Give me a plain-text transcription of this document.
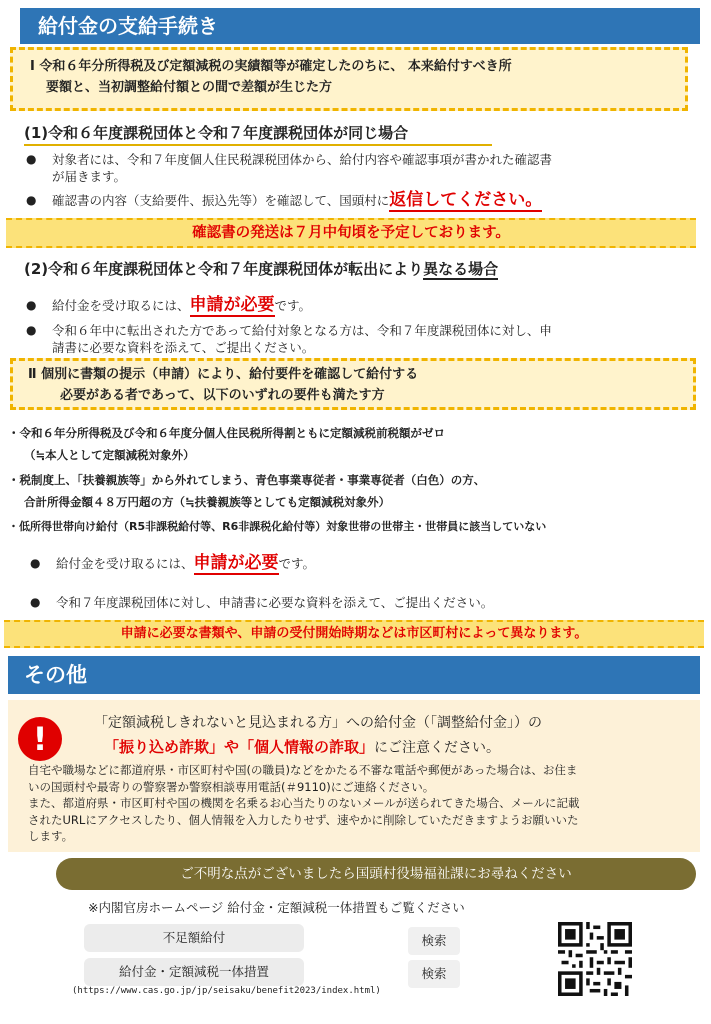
給付金の支給手続き
Ⅰ 令和６年分所得税及び定額減税の実績額等が確定したのちに、 本来給付すべき所
要額と、当初調整給付額との間で差額が生じた方
(1)令和６年度課税団体と令和７年度課税団体が同じ場合
●	対象者には、令和７年度個人住民税課税団体から、給付内容や確認事項が書かれた確認書
が届きます。
●	確認書の内容（支給要件、振込先等）を確認して、国頭村に返信してください。
確認書の発送は７月中旬頃を予定しております。
(2)令和６年度課税団体と令和７年度課税団体が転出により異なる場合
●	給付金を受け取るには、申請が必要です。
●	令和６年中に転出された方であって給付対象となる方は、令和７年度課税団体に対し、申
請書に必要な資料を添えて、ご提出ください。
Ⅱ 個別に書類の提示（申請）により、給付要件を確認して給付する
必要がある者であって、以下のいずれの要件も満たす方
・令和６年分所得税及び令和６年度分個人住民税所得割ともに定額減税前税額がゼロ
（≒本人として定額減税対象外）
・税制度上、「扶養親族等」から外れてしまう、青色事業専従者・事業専従者（白色）の方、
合計所得金額４８万円超の方（≒扶養親族等としても定額減税対象外）
・低所得世帯向け給付（R5非課税給付等、R6非課税化給付等）対象世帯の世帯主・世帯員に該当していない
●	給付金を受け取るには、申請が必要です。
●	令和７年度課税団体に対し、申請書に必要な資料を添えて、ご提出ください。
申請に必要な書類や、申請の受付開始時期などは市区町村によって異なります。
その他
!	「定額減税しきれないと見込まれる方」への給付金（「調整給付金」）の
「振り込め詐欺」や「個人情報の詐取」にご注意ください。
自宅や職場などに都道府県・市区町村や国(の職員)などをかたる不審な電話や郵便があった場合は、お住ま
いの国頭村や最寄りの警察署か警察相談専用電話(＃9110)にご連絡ください。
また、都道府県・市区町村や国の機関を名乗るお心当たりのないメールが送られてきた場合、メールに記載
されたURLにアクセスしたり、個人情報を入力したりせず、速やかに削除していただきますようお願いいた
します。
ご不明な点がございましたら国頭村役場福祉課にお尋ねください
※内閣官房ホームページ 給付金・定額減税一体措置もご覧ください
不足額給付	検索
給付金・定額減税一体措置	検索
(https://www.cas.go.jp/jp/seisaku/benefit2023/index.html)
